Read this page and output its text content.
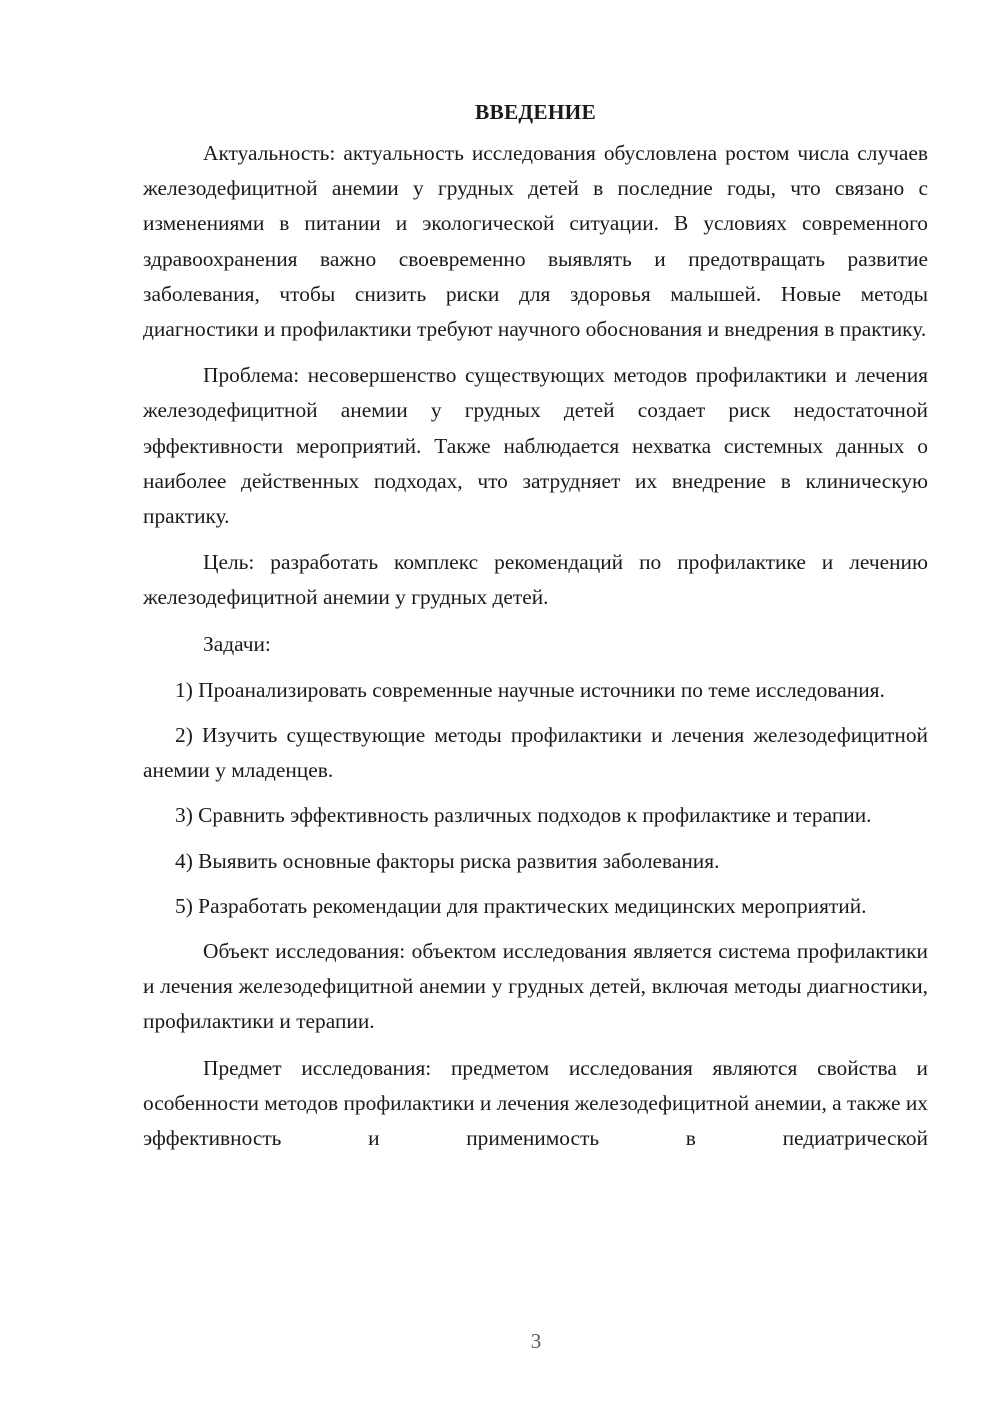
ВВЕДЕНИЕ

Актуальность: актуальность исследования обусловлена ростом числа случаев железодефицитной анемии у грудных детей в последние годы, что связано с изменениями в питании и экологической ситуации. В условиях современного здравоохранения важно своевременно выявлять и предотвращать развитие заболевания, чтобы снизить риски для здоровья малышей. Новые методы диагностики и профилактики требуют научного обоснования и внедрения в практику.

Проблема: несовершенство существующих методов профилактики и лечения железодефицитной анемии у грудных детей создает риск недостаточной эффективности мероприятий. Также наблюдается нехватка системных данных о наиболее действенных подходах, что затрудняет их внедрение в клиническую практику.

Цель: разработать комплекс рекомендаций по профилактике и лечению железодефицитной анемии у грудных детей.

Задачи:

1) Проанализировать современные научные источники по теме исследования.

2) Изучить существующие методы профилактики и лечения железодефицитной анемии у младенцев.

3) Сравнить эффективность различных подходов к профилактике и терапии.

4) Выявить основные факторы риска развития заболевания.

5) Разработать рекомендации для практических медицинских мероприятий.

Объект исследования: объектом исследования является система профилактики и лечения железодефицитной анемии у грудных детей, включая методы диагностики, профилактики и терапии.

Предмет исследования: предметом исследования являются свойства и особенности методов профилактики и лечения железодефицитной анемии, а также их эффективность и применимость в педиатрической

3
